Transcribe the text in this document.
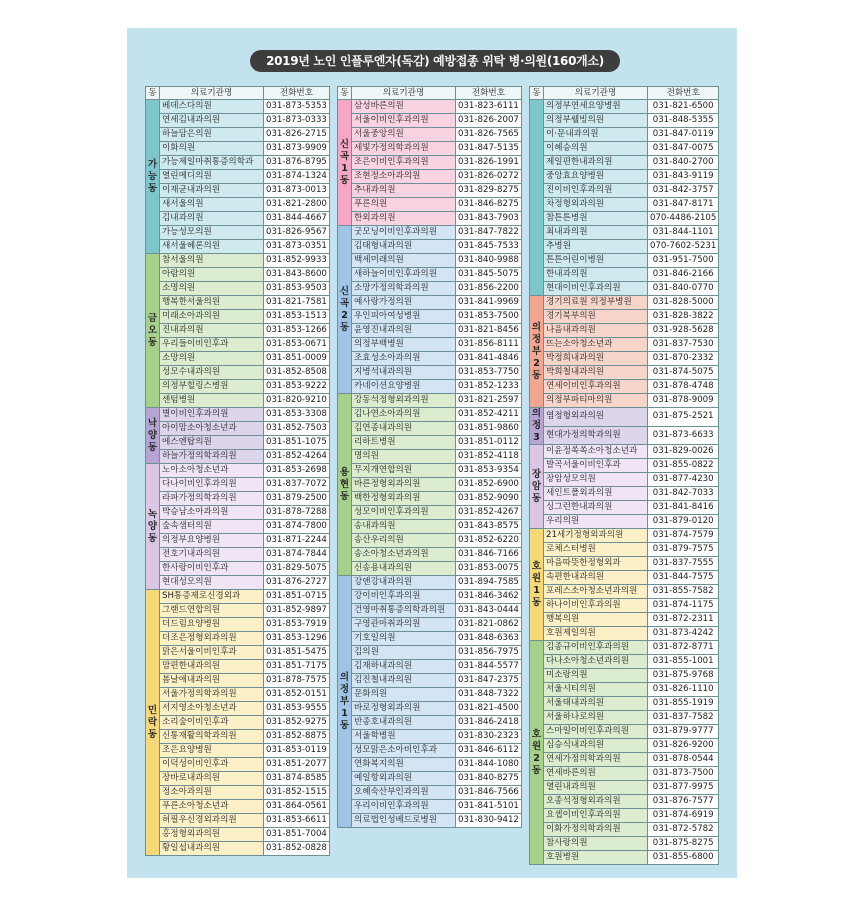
2019년 노인 인플루엔자(독감) 예방접종 위탁 병·의원(160개소)
동	의료기관명	전화번호
가능동	베데스다의원	031-873-5353
	연세김내과의원	031-873-0333
	하늘담은의원	031-826-2715
	이화의원	031-873-9909
	가능제일마취통증의학과	031-876-8795
	열린메디의원	031-874-1324
	이재균내과의원	031-873-0013
	새서울의원	031-821-2800
	김내과의원	031-844-4667
	가능성모의원	031-826-9567
	새서울헤론의원	031-873-0351
금오동	참서울의원	031-852-9933
	아람의원	031-843-8600
	소명의원	031-853-9503
	행복한서울의원	031-821-7581
	미래소아과의원	031-853-1513
	진내과의원	031-853-1266
	우리들이비인후과	031-853-0671
	소망의원	031-851-0009
	성모수내과의원	031-852-8508
	의정부힐링스병원	031-853-9222
	센텀병원	031-820-9210
낙양동	별이비인후과의원	031-853-3308
	아이맘소아청소년과	031-852-7503
	에스엔탑의원	031-851-1075
	하늘가정의학과의원	031-852-4264
녹양동	노아소아청소년과	031-853-2698
	다나이비인후과의원	031-837-7072
	라파가정의학과의원	031-879-2500
	박승남소아과의원	031-878-7288
	숲속샘터의원	031-874-7800
	의정부요양병원	031-871-2244
	전호기내과의원	031-874-7844
	한사랑이비인후과	031-829-5075
	현대성모의원	031-876-2727
민락동	SH통증제로신경외과	031-851-0715
	그랜드연합의원	031-852-9897
	더드림요양병원	031-853-7919
	더조은정형외과의원	031-853-1296
	맑은서울이비인후과	031-851-5475
	맘편한내과의원	031-851-7175
	봄날애내과의원	031-878-7575
	서울가정의학과의원	031-852-0151
	서지영소아청소년과	031-853-9555
	소리숲이비인후과	031-852-9275
	신통재활의학과의원	031-852-8875
	조은요양병원	031-853-0119
	이덕성이비인후과	031-851-2077
	장바로내과의원	031-874-8585
	정소아과의원	031-852-1515
	푸른소아청소년과	031-864-0561
	허필우신경외과의원	031-853-6611
	홍정형외과의원	031-851-7004
	황일섭내과의원	031-852-0828
동	의료기관명	전화번호
신곡1동	삼성바른의원	031-823-6111
	서울이비인후과의원	031-826-2007
	서울중앙의원	031-826-7565
	세빛가정의학과의원	031-847-5135
	조은이비인후과의원	031-826-1991
	조현정소아과의원	031-826-0272
	추내과의원	031-829-8275
	푸른의원	031-846-8275
	한외과의원	031-843-7903
신곡2동	굿모닝이비인후과의원	031-847-7822
	김태형내과의원	031-845-7533
	백세미래의원	031-840-9988
	새하늘이비인후과의원	031-845-5075
	소망가정의학과의원	031-856-2200
	예사랑가정의원	031-841-9969
	우인피아여성병원	031-853-7500
	윤영진내과의원	031-821-8456
	의정부백병원	031-856-8111
	조효성소아과의원	031-841-4846
	지병석내과의원	031-853-7750
	카네이션요양병원	031-852-1233
용현동	강동석정형외과의원	031-821-2597
	김나연소아과의원	031-852-4211
	김연종내과의원	031-851-9860
	리하트병원	031-851-0112
	명의원	031-852-4118
	무지개연합의원	031-853-9354
	바른정형외과의원	031-852-6900
	백한정형외과의원	031-852-9090
	성모이비인후과의원	031-852-4267
	송내과의원	031-843-8575
	송산우리의원	031-852-6220
	송소아청소년과의원	031-846-7166
	신송용내과의원	031-853-0075
의정부1동	강앤강내과의원	031-894-7585
	강이비인후과의원	031-846-3462
	건영마취통증의학과의원	031-843-0444
	구영관마취과의원	031-821-0862
	기호일의원	031-848-6363
	김의원	031-856-7975
	김재하내과의원	031-844-5577
	김진철내과의원	031-847-2375
	문화의원	031-848-7322
	바로정형외과의원	031-821-4500
	반종호내과의원	031-846-2418
	서울학병원	031-830-2323
	성모맑은소아비인후과	031-846-6112
	연화복지의원	031-844-1080
	예일항외과의원	031-840-8275
	오혜숙산부인과의원	031-846-7566
	우리이비인후과의원	031-841-5101
	의료법인성베드로병원	031-830-9412
동	의료기관명	전화번호
	의정부연세요양병원	031-821-6500
	의정부웰빙의원	031-848-5355
	이·문내과의원	031-847-0119
	이혜승의원	031-847-0075
	제일편한내과의원	031-840-2700
	중앙효요양병원	031-843-9119
	진이비인후과의원	031-842-3757
	차정형외과의원	031-847-8171
	참튼튼병원	070-4486-2105
	최내과의원	031-844-1101
	추병원	070-7602-5231
	튼튼어린이병원	031-951-7500
	한내과의원	031-846-2166
	현대이비인후과의원	031-840-0770
의정부2동	경기의료원 의정부병원	031-828-5000
	경기북부의원	031-828-3822
	나음내과의원	031-928-5628
	뜨는소아청소년과	031-837-7530
	박정희내과의원	031-870-2332
	박희철내과의원	031-874-5075
	연세이비인후과의원	031-878-4748
	의정부파티마의원	031-878-9009
의정3	염정형외과의원	031-875-2521
	현대가정의학과의원	031-873-6633
장암동	이윤정쏙쏙소아청소년과	031-829-0026
	발곡서울이비인후과	031-855-0822
	장암성모의원	031-877-4230
	세인트폴외과의원	031-842-7033
	싱그런한내과의원	031-841-8416
	우리의원	031-879-0120
호원1동	21세기정형외과의원	031-874-7579
	로체스터병원	031-879-7575
	마음따뜻한정형외과	031-837-7555
	속편한내과의원	031-844-7575
	포레스소아청소년과의원	031-855-7582
	하나이비인후과의원	031-874-1175
	행복의원	031-872-2311
	호원제일의원	031-873-4242
호원2동	김종규이비인후과의원	031-872-8771
	다나소아청소년과의원	031-855-1001
	미소랑의원	031-875-9768
	서울시티의원	031-826-1110
	서울태내과의원	031-855-1919
	서울하나로의원	031-837-7582
	스마일이비인후과의원	031-879-9777
	심승식내과의원	031-826-9200
	연세가정의학과의원	031-878-0544
	연세바른의원	031-873-7500
	열린내과의원	031-877-9975
	오종석정형외과의원	031-876-7577
	요셉이비인후과의원	031-874-6919
	이화가정의학과의원	031-872-5782
	참사랑의원	031-875-8275
	호원병원	031-855-6800
